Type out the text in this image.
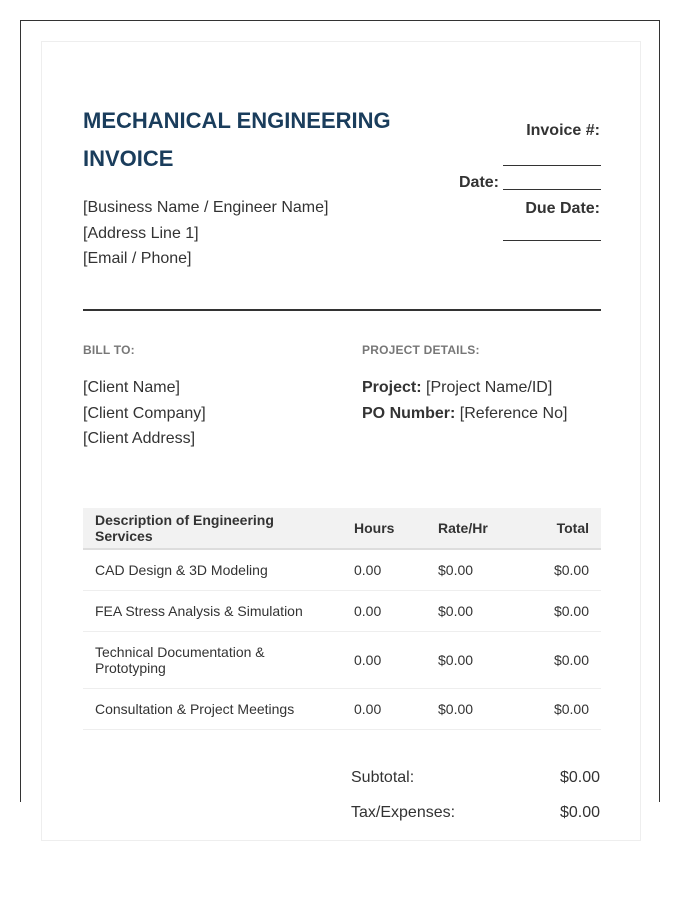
MECHANICAL ENGINEERING INVOICE
[Business Name / Engineer Name]
[Address Line 1]
[Email / Phone]
Invoice #:
Date:
Due Date:
BILL TO:
[Client Name]
[Client Company]
[Client Address]
PROJECT DETAILS:
Project: [Project Name/ID]
PO Number: [Reference No]
Description of Engineering Services	Hours	Rate/Hr	Total
CAD Design & 3D Modeling	0.00	$0.00	$0.00
FEA Stress Analysis & Simulation	0.00	$0.00	$0.00
Technical Documentation & Prototyping	0.00	$0.00	$0.00
Consultation & Project Meetings	0.00	$0.00	$0.00
Subtotal:	$0.00
Tax/Expenses:	$0.00
